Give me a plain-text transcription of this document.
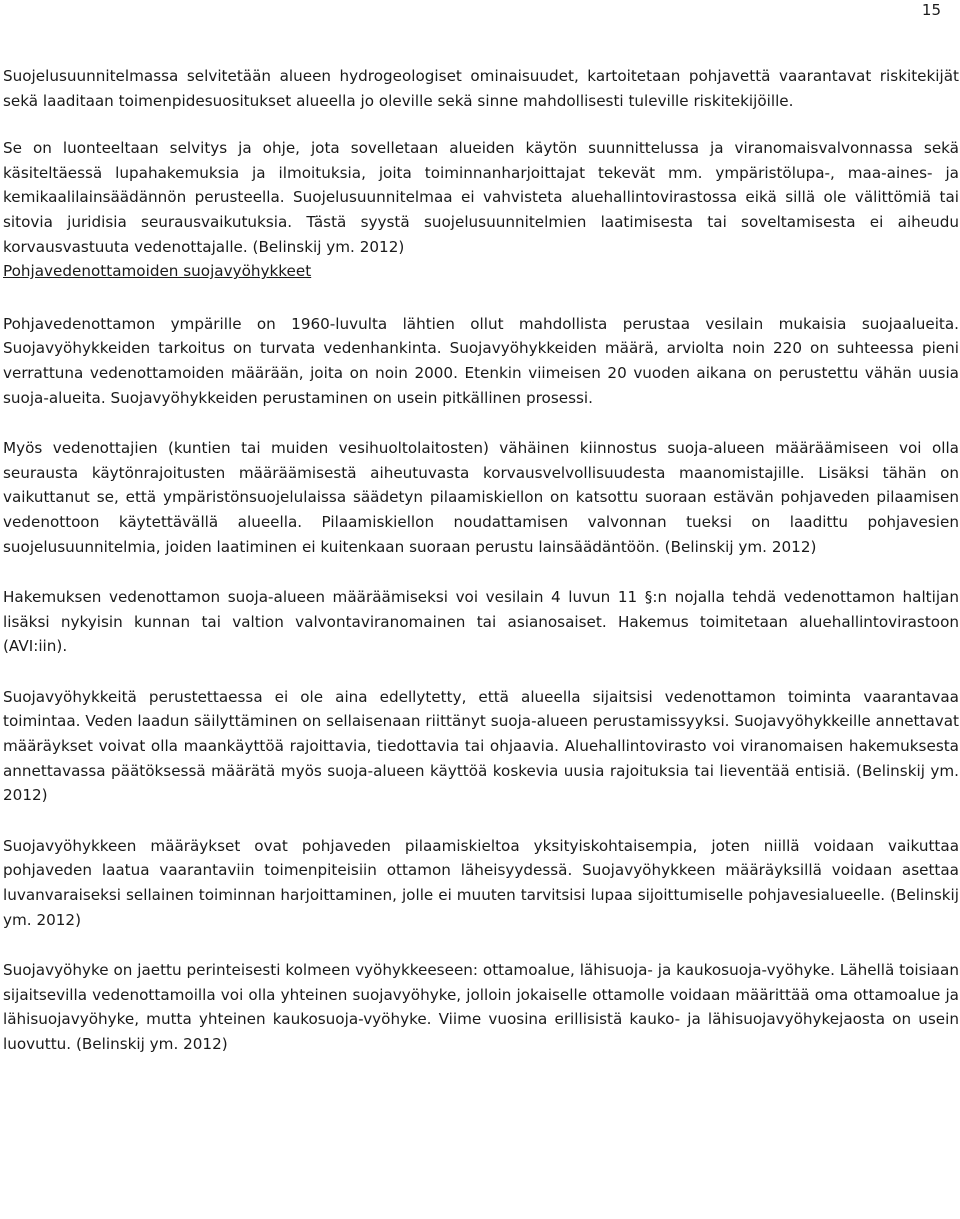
15

Suojelusuunnitelmassa selvitetään alueen hydrogeologiset ominaisuudet, kartoitetaan pohjavettä vaarantavat riskitekijät sekä laaditaan toimenpidesuositukset alueella jo oleville sekä sinne mahdollisesti tuleville riskitekijöille.

Se on luonteeltaan selvitys ja ohje, jota sovelletaan alueiden käytön suunnittelussa ja viranomaisvalvonnassa sekä käsiteltäessä lupahakemuksia ja ilmoituksia, joita toiminnanharjoittajat tekevät mm. ympäristölupa-, maa-aines- ja kemikaalilainsäädännön perusteella. Suojelusuunnitelmaa ei vahvisteta aluehallintovirastossa eikä sillä ole välittömiä tai sitovia juridisia seurausvaikutuksia. Tästä syystä suojelusuunnitelmien laatimisesta tai soveltamisesta ei aiheudu korvausvastuuta vedenottajalle. (Belinskij ym. 2012)

Pohjavedenottamoiden suojavyöhykkeet

Pohjavedenottamon ympärille on 1960-luvulta lähtien ollut mahdollista perustaa vesilain mukaisia suojaalueita. Suojavyöhykkeiden tarkoitus on turvata vedenhankinta. Suojavyöhykkeiden määrä, arviolta noin 220 on suhteessa pieni verrattuna vedenottamoiden määrään, joita on noin 2000. Etenkin viimeisen 20 vuoden aikana on perustettu vähän uusia suoja-alueita. Suojavyöhykkeiden perustaminen on usein pitkällinen prosessi.

Myös vedenottajien (kuntien tai muiden vesihuoltolaitosten) vähäinen kiinnostus suoja-alueen määräämiseen voi olla seurausta käytönrajoitusten määräämisestä aiheutuvasta korvausvelvollisuudesta maanomistajille. Lisäksi tähän on vaikuttanut se, että ympäristönsuojelulaissa säädetyn pilaamiskiellon on katsottu suoraan estävän pohjaveden pilaamisen vedenottoon käytettävällä alueella. Pilaamiskiellon noudattamisen valvonnan tueksi on laadittu pohjavesien suojelusuunnitelmia, joiden laatiminen ei kuitenkaan suoraan perustu lainsäädäntöön. (Belinskij ym. 2012)

Hakemuksen vedenottamon suoja-alueen määräämiseksi voi vesilain 4 luvun 11 §:n nojalla tehdä vedenottamon haltijan lisäksi nykyisin kunnan tai valtion valvontaviranomainen tai asianosaiset. Hakemus toimitetaan aluehallintovirastoon (AVI:iin).

Suojavyöhykkeitä perustettaessa ei ole aina edellytetty, että alueella sijaitsisi vedenottamon toiminta vaarantavaa toimintaa. Veden laadun säilyttäminen on sellaisenaan riittänyt suoja-alueen perustamissyyksi. Suojavyöhykkeille annettavat määräykset voivat olla maankäyttöä rajoittavia, tiedottavia tai ohjaavia. Aluehallintovirasto voi viranomaisen hakemuksesta annettavassa päätöksessä määrätä myös suoja-alueen käyttöä koskevia uusia rajoituksia tai lieventää entisiä. (Belinskij ym. 2012)

Suojavyöhykkeen määräykset ovat pohjaveden pilaamiskieltoa yksityiskohtaisempia, joten niillä voidaan vaikuttaa pohjaveden laatua vaarantaviin toimenpiteisiin ottamon läheisyydessä. Suojavyöhykkeen määräyksillä voidaan asettaa luvanvaraiseksi sellainen toiminnan harjoittaminen, jolle ei muuten tarvitsisi lupaa sijoittumiselle pohjavesialueelle. (Belinskij ym. 2012)

Suojavyöhyke on jaettu perinteisesti kolmeen vyöhykkeeseen: ottamoalue, lähisuoja- ja kaukosuoja-vyöhyke. Lähellä toisiaan sijaitsevilla vedenottamoilla voi olla yhteinen suojavyöhyke, jolloin jokaiselle ottamolle voidaan määrittää oma ottamoalue ja lähisuojavyöhyke, mutta yhteinen kaukosuoja-vyöhyke. Viime vuosina erillisistä kauko- ja lähisuojavyöhykejaosta on usein luovuttu. (Belinskij ym. 2012)
